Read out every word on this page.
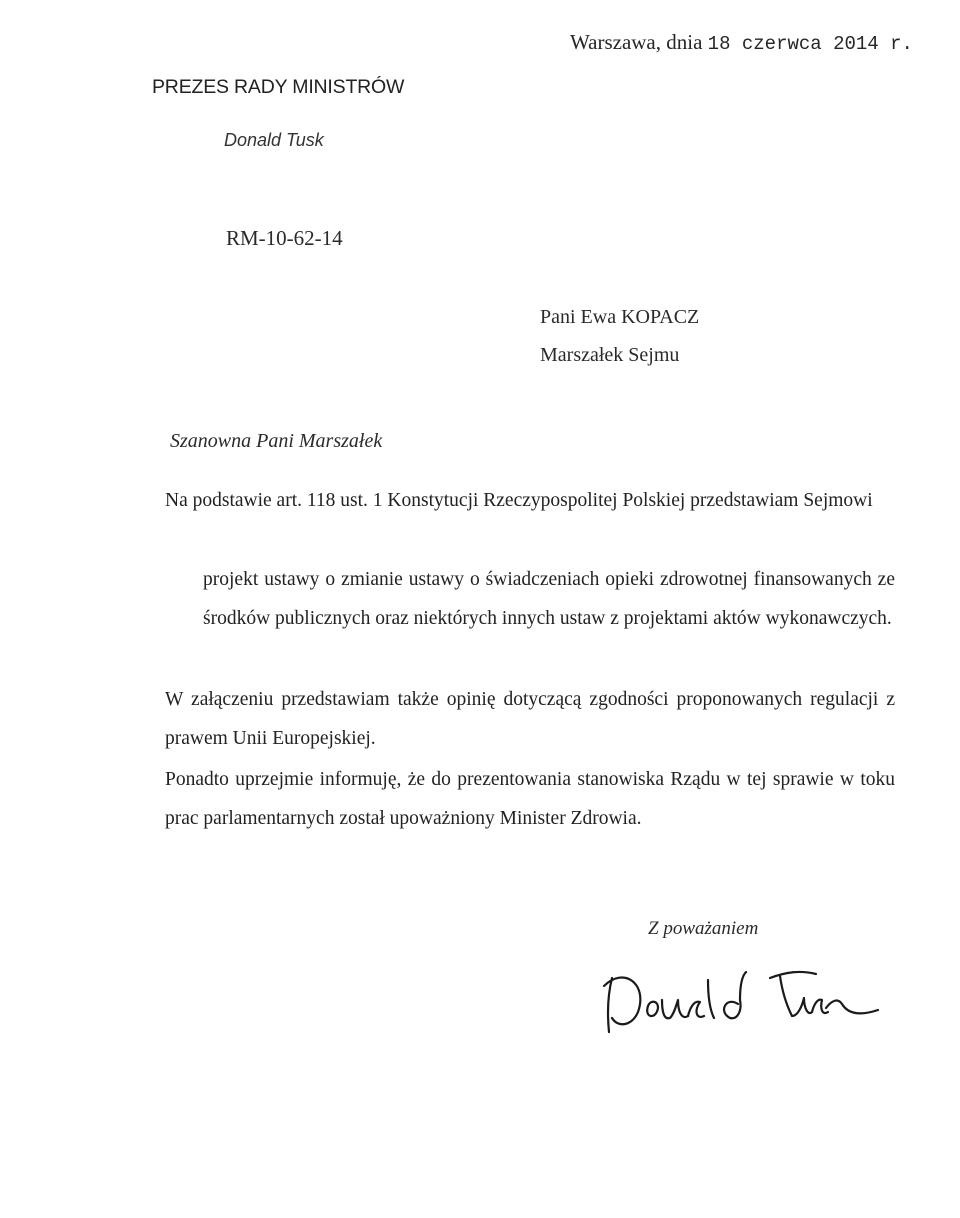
Warszawa, dnia 18 czerwca 2014 r.
PREZES RADY MINISTRÓW
Donald Tusk
RM-10-62-14
Pani Ewa KOPACZ
Marszałek Sejmu
Szanowna Pani Marszałek
Na podstawie art. 118 ust. 1 Konstytucji Rzeczypospolitej Polskiej przedstawiam Sejmowi
projekt ustawy o zmianie ustawy o świadczeniach opieki zdrowotnej finansowanych ze środków publicznych oraz niektórych innych ustaw z projektami aktów wykonawczych.
W załączeniu przedstawiam także opinię dotyczącą zgodności proponowanych regulacji z prawem Unii Europejskiej.
Ponadto uprzejmie informuję, że do prezentowania stanowiska Rządu w tej sprawie w toku prac parlamentarnych został upoważniony Minister Zdrowia.
Z poważaniem
